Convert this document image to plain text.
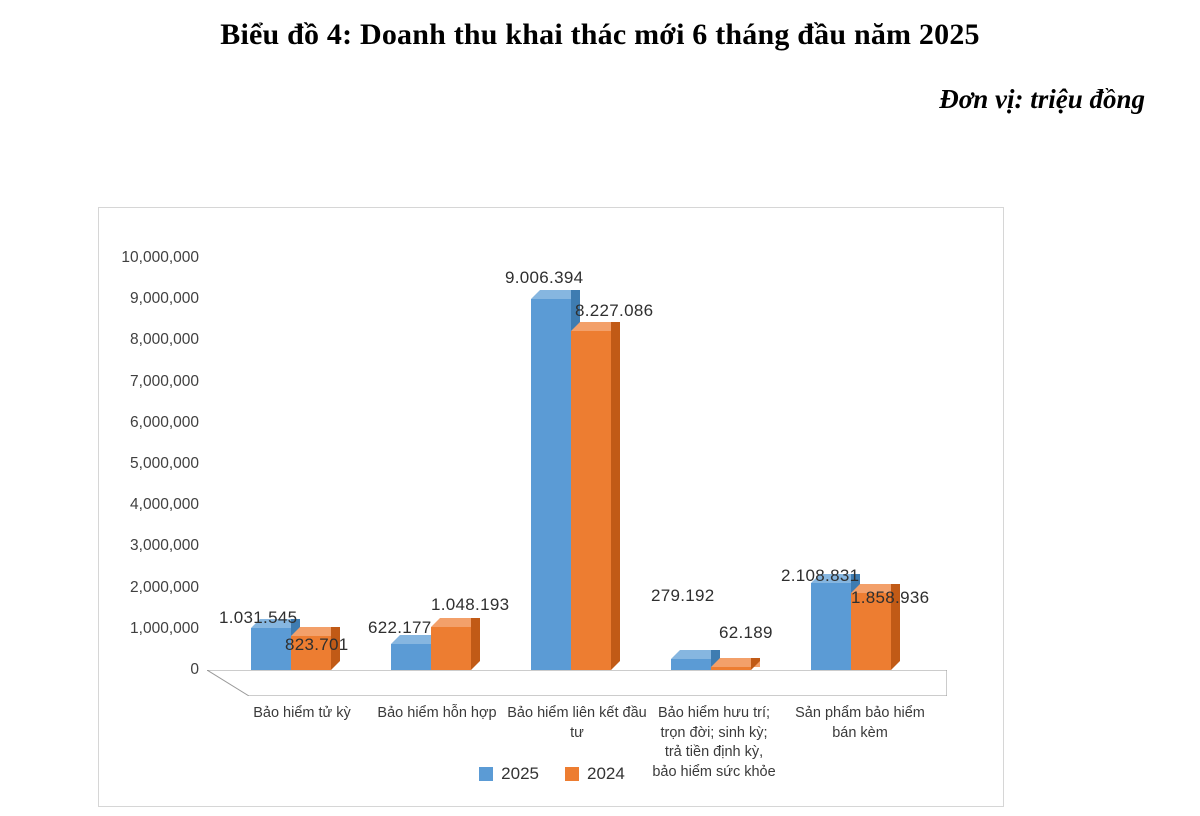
Biểu đồ 4: Doanh thu khai thác mới 6 tháng đầu năm 2025
Đơn vị: triệu đồng
10,000,000
9,000,000
8,000,000
7,000,000
6,000,000
5,000,000
4,000,000
3,000,000
2,000,000
1,000,000
0
1.031.545
823.701
622.177
1.048.193
9.006.394
8.227.086
279.192
62.189
2.108.831
1.858.936
Bảo hiểm tử kỳ	Bảo hiểm hỗn hợp Bảo hiểm liên kết đầu tư
Bảo hiểm hưu trí; trọn đời; sinh kỳ; trả tiền định kỳ, bảo hiểm sức khỏe
Sản phẩm bảo hiểm bán kèm
2025	2024
